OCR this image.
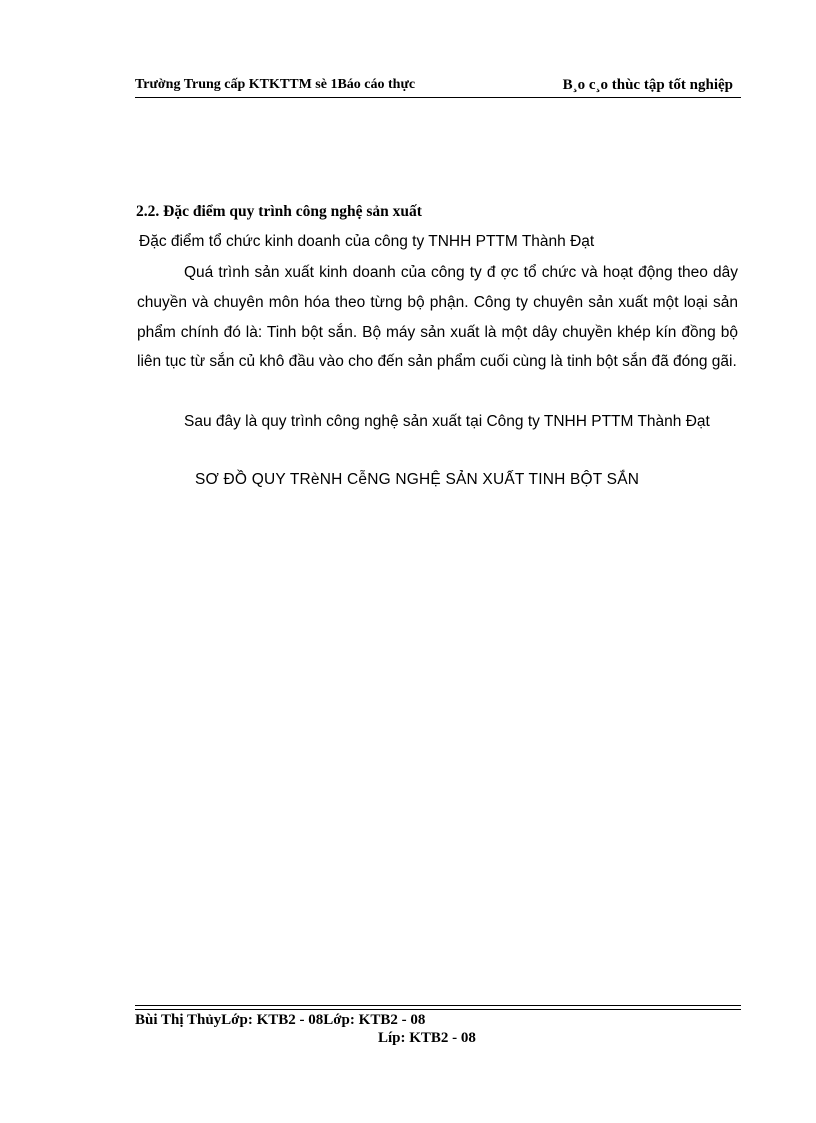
Trường Trung cấp KTKTTM sè 1Báo cáo thực	B¸o c¸o thùc tập tốt nghiệp
2.2. Đặc điểm quy trình công nghệ sản xuất
Đặc điểm tổ chức kinh doanh của công ty TNHH PTTM Thành Đạt

Quá trình sản xuất kinh doanh của công ty đ ợc tổ chức và hoạt động theo dây chuyền và chuyên môn hóa theo từng bộ phận. Công ty chuyên sản xuất một loại sản phẩm chính đó là: Tinh bột sắn. Bộ máy sản xuất là một dây chuyền khép kín đồng bộ liên tục từ sắn củ khô đầu vào cho đến sản phẩm cuối cùng là tinh bột sắn đã đóng gãi.

Sau đây là quy trình công nghệ sản xuất tại Công ty TNHH PTTM Thành Đạt

SƠ ĐỒ QUY TRèNH CễNG NGHỆ SẢN XUẤT TINH BỘT SẮN
Bùi Thị ThủyLớp: KTB2 - 08Lớp: KTB2 - 08
Líp: KTB2 - 08
